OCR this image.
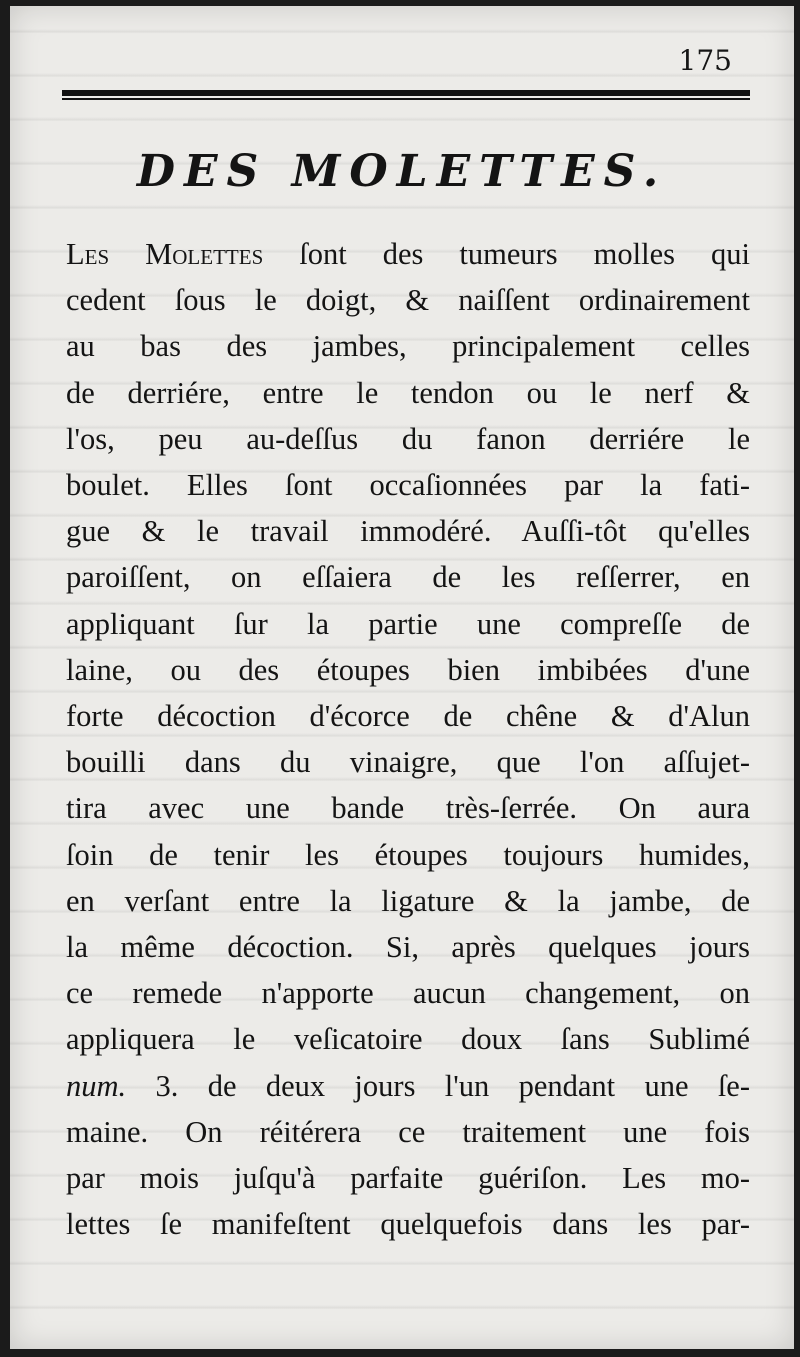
175
DES MOLETTES.
Les Molettes ſont des tumeurs molles qui
cedent ſous le doigt, & naiſſent ordinairement
au bas des jambes, principalement celles
de derriére, entre le tendon ou le nerf &
l'os, peu au-deſſus du fanon derriére le
boulet. Elles ſont occaſionnées par la fati-
gue & le travail immodéré. Auſſi-tôt qu'elles
paroiſſent, on eſſaiera de les reſſerrer, en
appliquant ſur la partie une compreſſe de
laine, ou des étoupes bien imbibées d'une
forte décoction d'écorce de chêne & d'Alun
bouilli dans du vinaigre, que l'on aſſujet-
tira avec une bande très-ſerrée. On aura
ſoin de tenir les étoupes toujours humides,
en verſant entre la ligature & la jambe, de
la même décoction. Si, après quelques jours
ce remede n'apporte aucun changement, on
appliquera le veſicatoire doux ſans Sublimé
num. 3. de deux jours l'un pendant une ſe-
maine. On réitérera ce traitement une fois
par mois juſqu'à parfaite guériſon. Les mo-
lettes ſe manifeſtent quelquefois dans les par-
